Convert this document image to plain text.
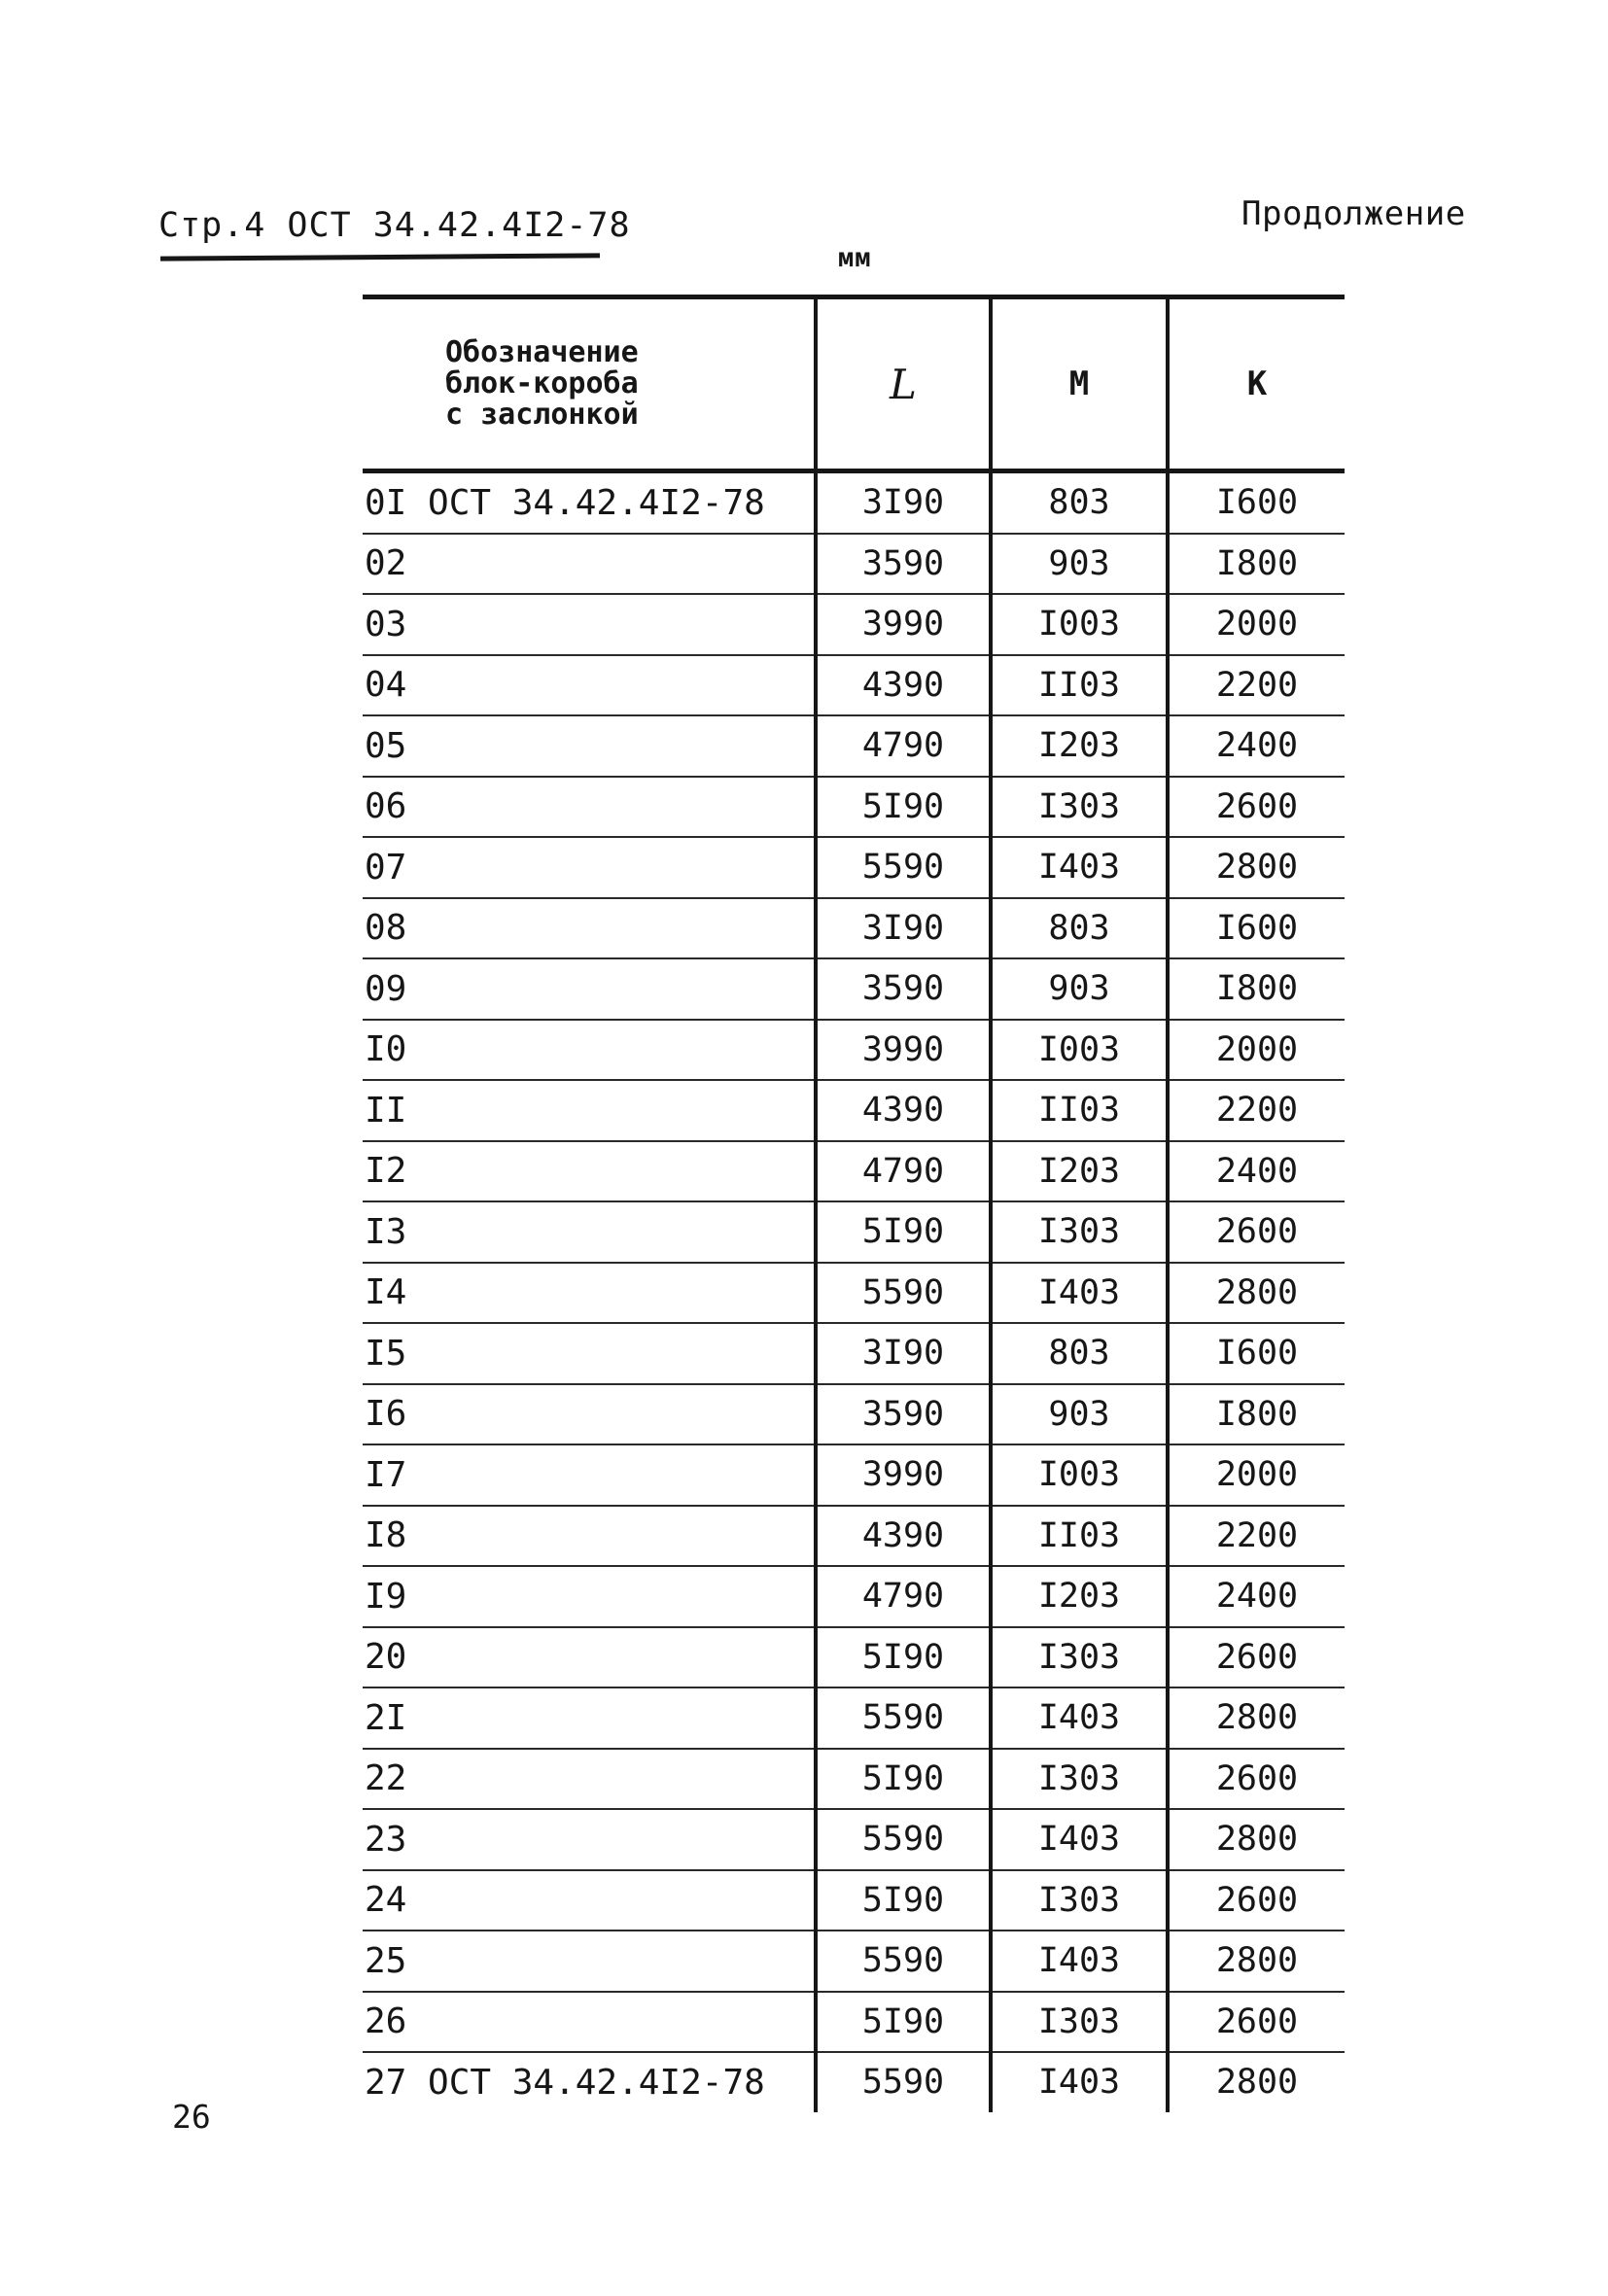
Стр.4 ОСТ 34.42.4I2-78	Продолжение
мм
Обозначение
блок-короба
с заслонкой	L	М	К
0I ОСТ 34.42.4I2-78	3I90	803	I600
02	3590	903	I800
03	3990	I003	2000
04	4390	II03	2200
05	4790	I203	2400
06	5I90	I303	2600
07	5590	I403	2800
08	3I90	803	I600
09	3590	903	I800
I0	3990	I003	2000
II	4390	II03	2200
I2	4790	I203	2400
I3	5I90	I303	2600
I4	5590	I403	2800
I5	3I90	803	I600
I6	3590	903	I800
I7	3990	I003	2000
I8	4390	II03	2200
I9	4790	I203	2400
20	5I90	I303	2600
2I	5590	I403	2800
22	5I90	I303	2600
23	5590	I403	2800
24	5I90	I303	2600
25	5590	I403	2800
26	5I90	I303	2600
27 ОСТ 34.42.4I2-78	5590	I403	2800
26
